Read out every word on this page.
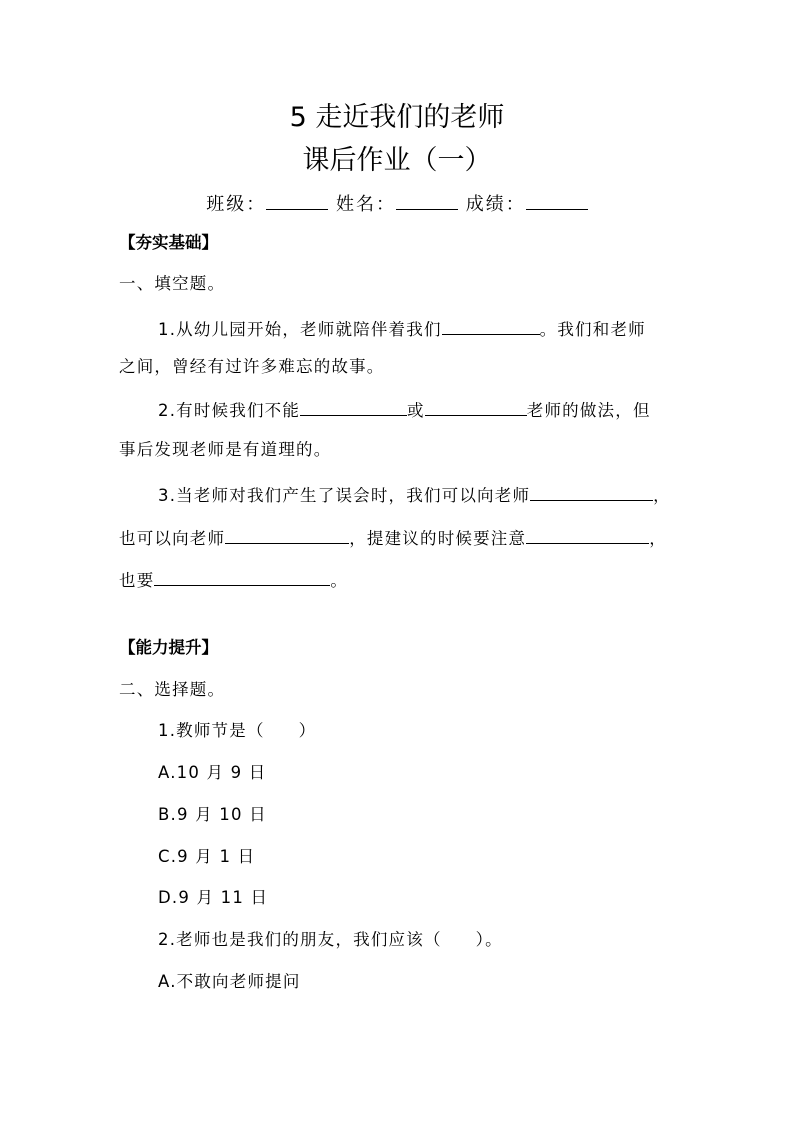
5 走近我们的老师
课后作业（一）
班级：	姓名：	成绩：
【夯实基础】
一、填空题。
1.从幼儿园开始，老师就陪伴着我们	。我们和老师
之间，曾经有过许多难忘的故事。
2.有时候我们不能	或	老师的做法，但
事后发现老师是有道理的。
3.当老师对我们产生了误会时，我们可以向老师	，
也可以向老师	，提建议的时候要注意	，
也要	。
【能力提升】
二、选择题。
1.教师节是（ ）
A.10 月 9 日
B.9 月 10 日
C.9 月 1 日
D.9 月 11 日
2.老师也是我们的朋友，我们应该（ ）。
A.不敢向老师提问
